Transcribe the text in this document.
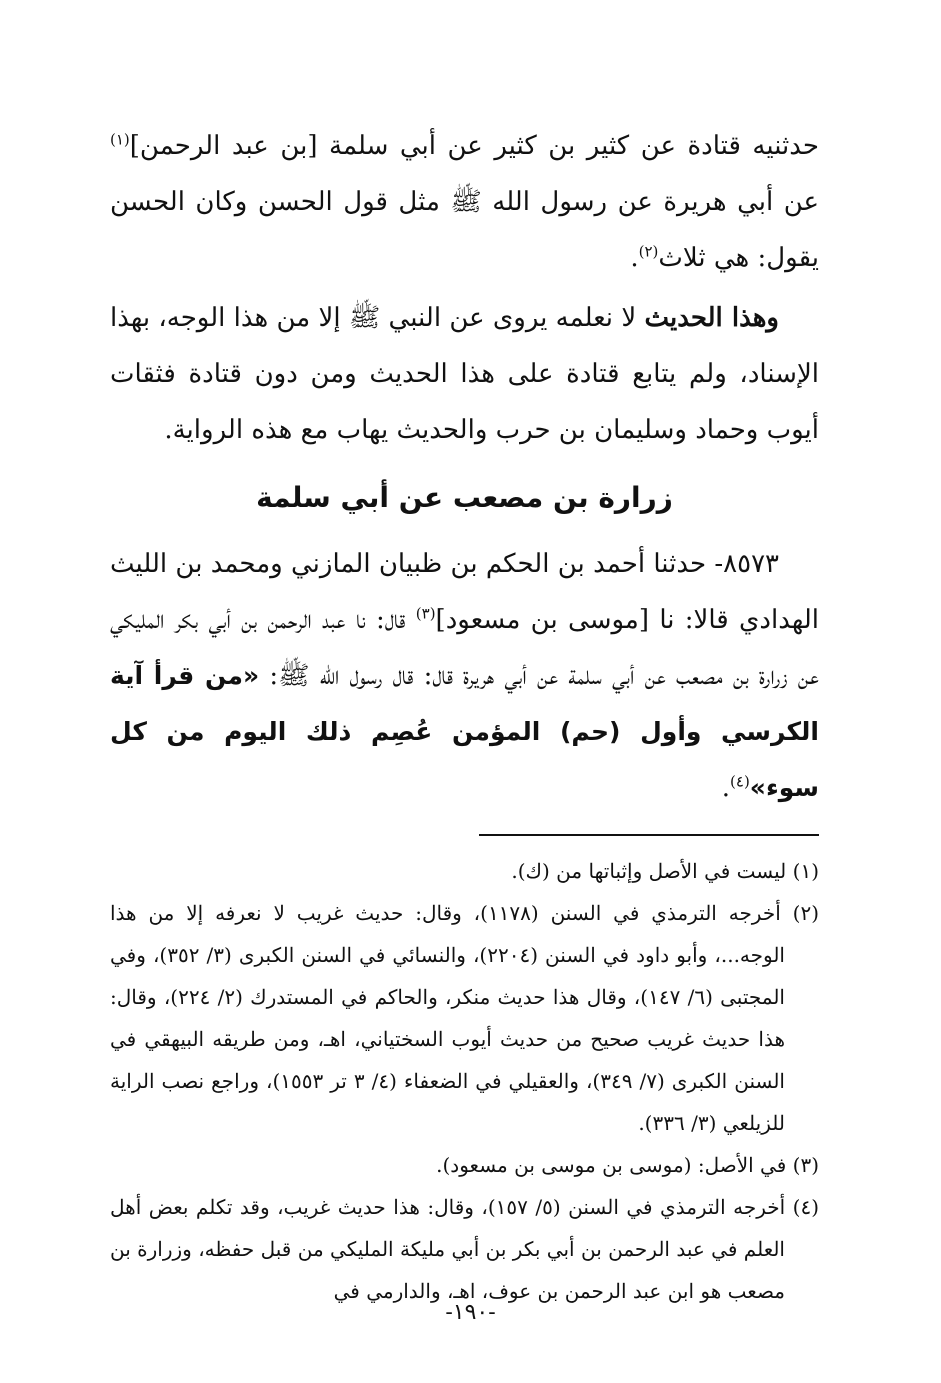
حدثنيه قتادة عن كثير بن كثير عن أبي سلمة [بن عبد الرحمن]$^{(١)}$ عن أبي هريرة عن رسول الله ﷺ مثل قول الحسن وكان الحسن يقول: هي ثلاث$^{(٢)}$.

وهذا الحديث لا نعلمه يروى عن النبي ﷺ إلا من هذا الوجه، بهذا الإسناد، ولم يتابع قتادة على هذا الحديث ومن دون قتادة فثقات أيوب وحماد وسليمان بن حرب والحديث يهاب مع هذه الرواية.

زرارة بن مصعب عن أبي سلمة

٨٥٧٣- حدثنا أحمد بن الحكم بن ظبيان المازني ومحمد بن الليث الهدادي قالا: نا [موسى بن مسعود]$^{(٣)}$ قال: نا عبد الرحمن بن أبي بكر المليكي عن زرارة بن مصعب عن أبي سلمة عن أبي هريرة قال: قال رسول الله ﷺ: «من قرأ آية الكرسي وأول (حم) المؤمن عُصِم ذلك اليوم من كل سوء»$^{(٤)}$.

(١) ليست في الأصل وإثباتها من (ك).

(٢) أخرجه الترمذي في السنن (١١٧٨)، وقال: حديث غريب لا نعرفه إلا من هذا الوجه...، وأبو داود في السنن (٢٢٠٤)، والنسائي في السنن الكبرى (٣/ ٣٥٢)، وفي المجتبى (٦/ ١٤٧)، وقال هذا حديث منكر، والحاكم في المستدرك (٢/ ٢٢٤)، وقال: هذا حديث غريب صحيح من حديث أيوب السختياني، اهـ، ومن طريقه البيهقي في السنن الكبرى (٧/ ٣٤٩)، والعقيلي في الضعفاء (٤/ ٣ تر ١٥٥٣)، وراجع نصب الراية للزيلعي (٣/ ٣٣٦).

(٣) في الأصل: (موسى بن موسى بن مسعود).

(٤) أخرجه الترمذي في السنن (٥/ ١٥٧)، وقال: هذا حديث غريب، وقد تكلم بعض أهل العلم في عبد الرحمن بن أبي بكر بن أبي مليكة المليكي من قبل حفظه، وزرارة بن مصعب هو ابن عبد الرحمن بن عوف، اهـ، والدارمي في

-١٩٠-
